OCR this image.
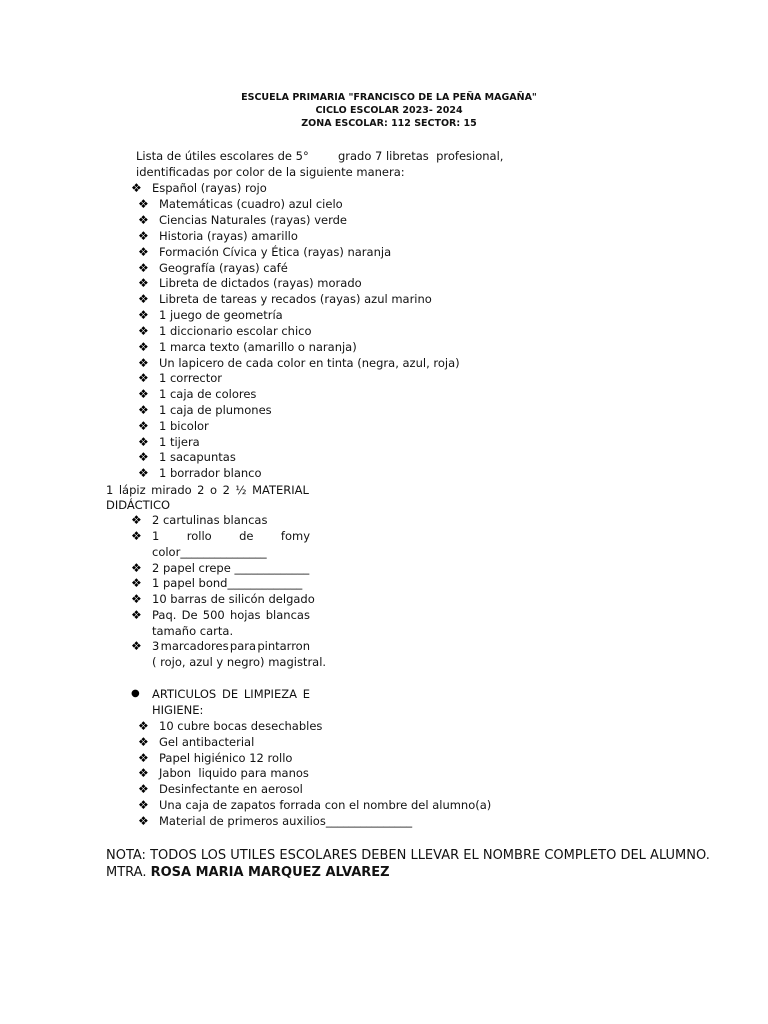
ESCUELA PRIMARIA "FRANCISCO DE LA PEÑA MAGAÑA"
CICLO ESCOLAR 2023- 2024
ZONA ESCOLAR: 112 SECTOR: 15
Lista de útiles escolares de 5°        grado 7 libretas  profesional,
identificadas por color de la siguiente manera:
❖ Español (rayas) rojo
❖ Matemáticas (cuadro) azul cielo
❖ Ciencias Naturales (rayas) verde
❖ Historia (rayas) amarillo
❖ Formación Cívica y Ética (rayas) naranja
❖ Geografía (rayas) café
❖ Libreta de dictados (rayas) morado
❖ Libreta de tareas y recados (rayas) azul marino
❖ 1 juego de geometría
❖ 1 diccionario escolar chico
❖ 1 marca texto (amarillo o naranja)
❖ Un lapicero de cada color en tinta (negra, azul, roja)
❖ 1 corrector
❖ 1 caja de colores
❖ 1 caja de plumones
❖ 1 bicolor
❖ 1 tijera
❖ 1 sacapuntas
❖ 1 borrador blanco
1 lápiz mirado 2 o 2 ½ MATERIAL
DIDÁCTICO
❖ 2 cartulinas blancas
❖ 1 rollo de fomy
color_______________
❖ 2 papel crepe _____________
❖ 1 papel bond_____________
❖ 10 barras de silicón delgado
❖ Paq. De 500 hojas blancas
tamaño carta.
❖ 3 marcadores para pintarron
( rojo, azul y negro) magistral.
● ARTICULOS DE LIMPIEZA E
HIGIENE:
❖ 10 cubre bocas desechables
❖ Gel antibacterial
❖ Papel higiénico 12 rollo
❖ Jabon  liquido para manos
❖ Desinfectante en aerosol
❖ Una caja de zapatos forrada con el nombre del alumno(a)
❖ Material de primeros auxilios_______________
NOTA: TODOS LOS UTILES ESCOLARES DEBEN LLEVAR EL NOMBRE COMPLETO DEL ALUMNO.
MTRA. ROSA MARIA MARQUEZ ALVAREZ
